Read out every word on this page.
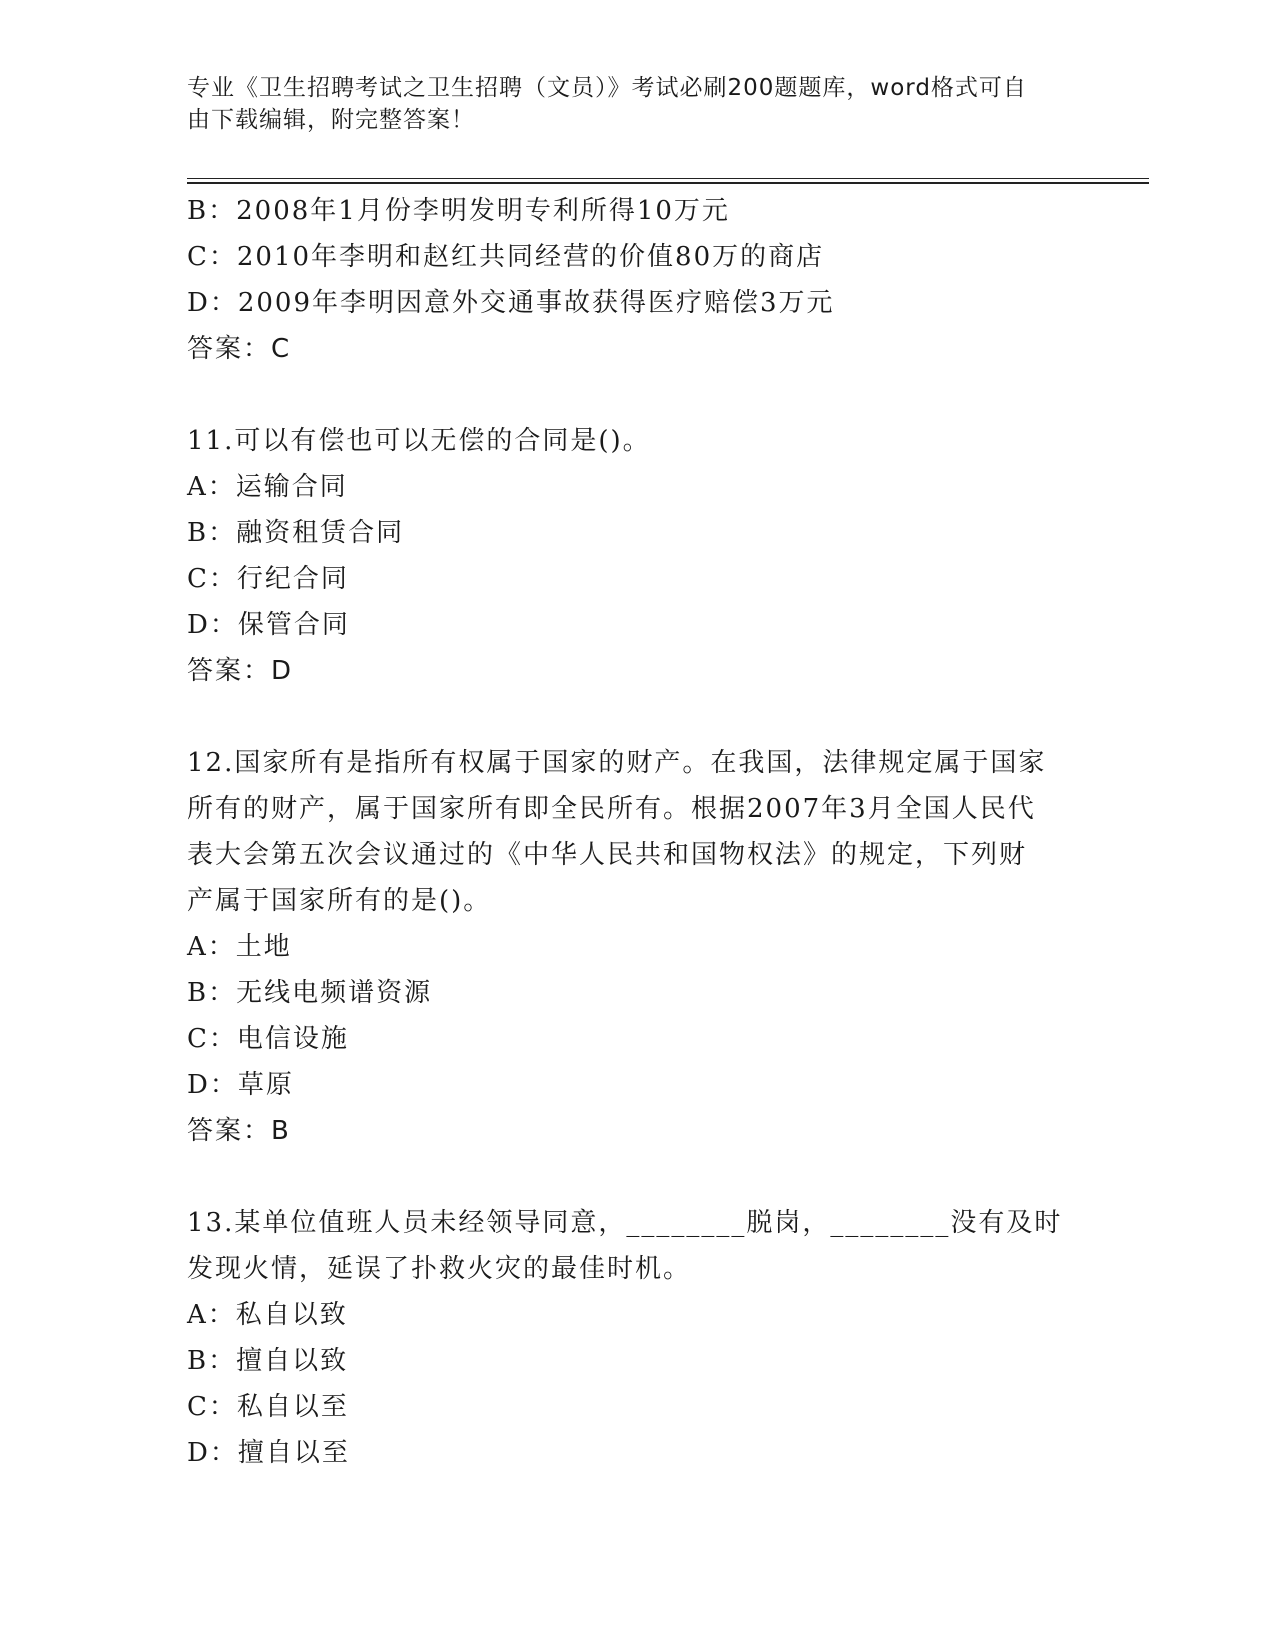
专业《卫生招聘考试之卫生招聘（文员）》考试必刷200题题库，word格式可自
由下载编辑，附完整答案！
B：2008年1月份李明发明专利所得10万元
C：2010年李明和赵红共同经营的价值80万的商店
D：2009年李明因意外交通事故获得医疗赔偿3万元
答案：C
11.可以有偿也可以无偿的合同是()。
A：运输合同
B：融资租赁合同
C：行纪合同
D：保管合同
答案：D
12.国家所有是指所有权属于国家的财产。在我国，法律规定属于国家
所有的财产，属于国家所有即全民所有。根据2007年3月全国人民代
表大会第五次会议通过的《中华人民共和国物权法》的规定，下列财
产属于国家所有的是()。
A：土地
B：无线电频谱资源
C：电信设施
D：草原
答案：B
13.某单位值班人员未经领导同意，________脱岗，________没有及时
发现火情，延误了扑救火灾的最佳时机。
A：私自以致
B：擅自以致
C：私自以至
D：擅自以至
